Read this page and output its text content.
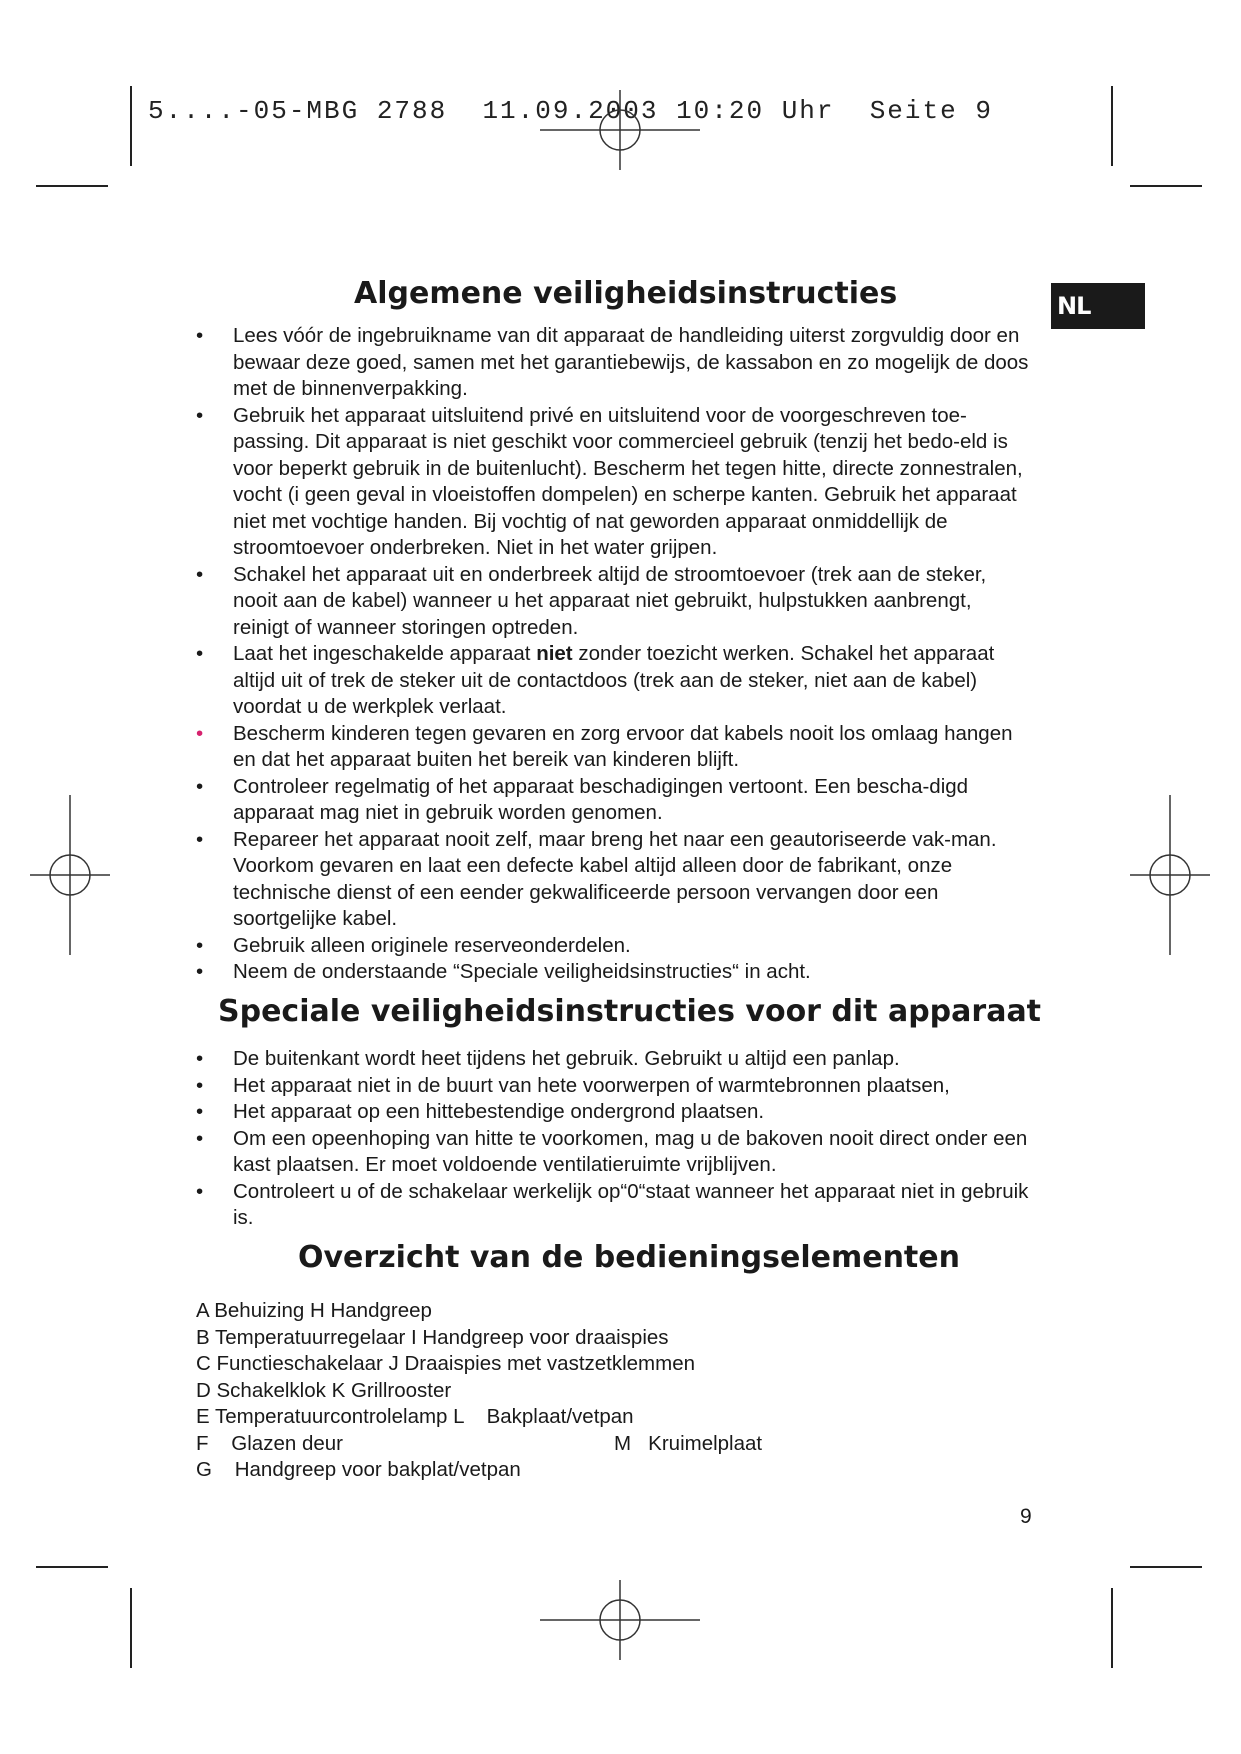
5....-05-MBG 2788  11.09.2003 10:20 Uhr  Seite 9
NL
Algemene veiligheidsinstructies
• Lees vóór de ingebruikname van dit apparaat de handleiding uiterst zorgvuldig door en bewaar deze goed, samen met het garantiebewijs, de kassabon en zo mogelijk de doos met de binnenverpakking.
• Gebruik het apparaat uitsluitend privé en uitsluitend voor de voorgeschreven toe-passing. Dit apparaat is niet geschikt voor commercieel gebruik (tenzij het bedo-eld is voor beperkt gebruik in de buitenlucht). Bescherm het tegen hitte, directe zonnestralen, vocht (i geen geval in vloeistoffen dompelen) en scherpe kanten. Gebruik het apparaat niet met vochtige handen. Bij vochtig of nat geworden apparaat onmiddellijk de stroomtoevoer onderbreken. Niet in het water grijpen.
• Schakel het apparaat uit en onderbreek altijd de stroomtoevoer (trek aan de steker, nooit aan de kabel) wanneer u het apparaat niet gebruikt, hulpstukken aanbrengt, reinigt of wanneer storingen optreden.
• Laat het ingeschakelde apparaat niet zonder toezicht werken. Schakel het apparaat altijd uit of trek de steker uit de contactdoos (trek aan de steker, niet aan de kabel) voordat u de werkplek verlaat.
• Bescherm kinderen tegen gevaren en zorg ervoor dat kabels nooit los omlaag hangen en dat het apparaat buiten het bereik van kinderen blijft.
• Controleer regelmatig of het apparaat beschadigingen vertoont. Een bescha-digd apparaat mag niet in gebruik worden genomen.
• Repareer het apparaat nooit zelf, maar breng het naar een geautoriseerde vak-man. Voorkom gevaren en laat een defecte kabel altijd alleen door de fabrikant, onze technische dienst of een eender gekwalificeerde persoon vervangen door een soortgelijke kabel.
• Gebruik alleen originele reserveonderdelen.
• Neem de onderstaande “Speciale veiligheidsinstructies“ in acht.
Speciale veiligheidsinstructies voor dit apparaat
• De buitenkant wordt heet tijdens het gebruik. Gebruikt u altijd een panlap.
• Het apparaat niet in de buurt van hete voorwerpen of warmtebronnen plaatsen,
• Het apparaat op een hittebestendige ondergrond plaatsen.
• Om een opeenhoping van hitte te voorkomen, mag u de bakoven nooit direct onder een kast plaatsen. Er moet voldoende ventilatieruimte vrijblijven.
• Controleert u of de schakelaar werkelijk op“0“staat wanneer het apparaat niet in gebruik is.
Overzicht van de bedieningselementen
A Behuizing H Handgreep
B Temperatuurregelaar I Handgreep voor draaispies
C Functieschakelaar J Draaispies met vastzetklemmen
D Schakelklok K Grillrooster
E Temperatuurcontrolelamp L    Bakplaat/vetpan
F    Glazen deur	M   Kruimelplaat
G    Handgreep voor bakplat/vetpan
9
